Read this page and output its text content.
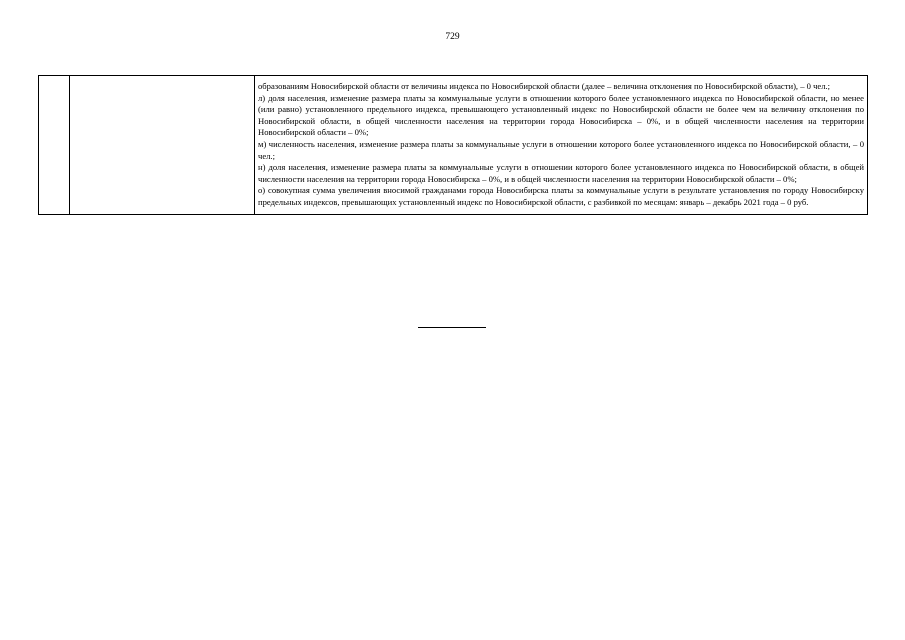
729

образованиям Новосибирской области от величины индекса по Новосибирской области (далее – величина отклонения по Новосибирской области), – 0 чел.;

л) доля населения, изменение размера платы за коммунальные услуги в отношении которого более установленного индекса по Новосибирской области, но менее (или равно) установленного предельного индекса, превышающего установленный индекс по Новосибирской области не более чем на величину отклонения по Новосибирской области, в общей численности населения на территории города Новосибирска – 0%, и в общей численности населения на территории Новосибирской области – 0%;

м) численность населения, изменение размера платы за коммунальные услуги в отношении которого более установленного индекса по Новосибирской области, – 0 чел.;

н) доля населения, изменение размера платы за коммунальные услуги в отношении которого более установленного индекса по Новосибирской области, в общей численности населения на территории города Новосибирска – 0%, и в общей численности населения на территории Новосибирской области – 0%;

о) совокупная сумма увеличения вносимой гражданами города Новосибирска платы за коммунальные услуги в результате установления по городу Новосибирску предельных индексов, превышающих установленный индекс по Новосибирской области, с разбивкой по месяцам: январь – декабрь 2021 года – 0 руб.
